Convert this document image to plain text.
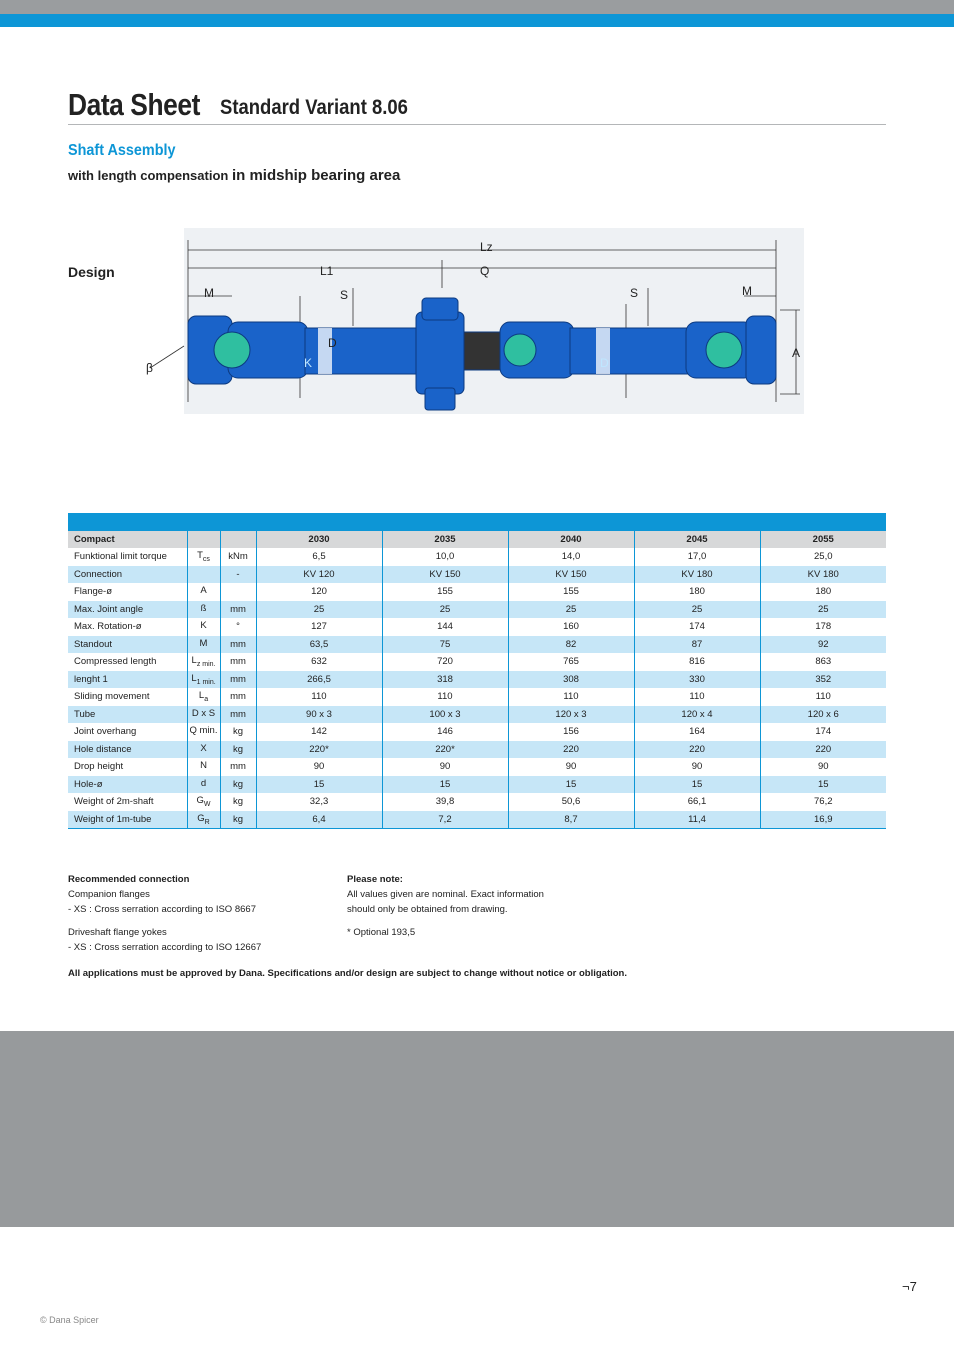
Data Sheet Standard Variant 8.06
Shaft Assembly
with length compensation in midship bearing area
Design
Lz
L1	Q
M	M
S	S
D
K	D
A
β

Compact			2030	2035	2040	2045	2055
Funktional limit torque	$T_{cs}$	kNm	6,5	10,0	14,0	17,0	25,0
Connection		-	KV 120	KV 150	KV 150	KV 180	KV 180
Flange-ø	A		120	155	155	180	180
Max. Joint angle	ß	mm	25	25	25	25	25
Max. Rotation-ø	K	°	127	144	160	174	178
Standout	M	mm	63,5	75	82	87	92
Compressed length	$L_{z min.}$	mm	632	720	765	816	863
lenght 1	$L_{1 min.}$	mm	266,5	318	308	330	352
Sliding movement	$L_a$	mm	110	110	110	110	110
Tube	D x S	mm	90 x 3	100 x 3	120 x 3	120 x 4	120 x 6
Joint overhang	Q min.	kg	142	146	156	164	174
Hole distance	X	kg	220*	220*	220	220	220
Drop height	N	mm	90	90	90	90	90
Hole-ø	d	kg	15	15	15	15	15
Weight of 2m-shaft	$G_W$	kg	32,3	39,8	50,6	66,1	76,2
Weight of 1m-tube	$G_R$	kg	6,4	7,2	8,7	11,4	16,9
Recommended connection
Companion flanges
- XS : Cross serration according to ISO 8667
Driveshaft flange yokes
- XS : Cross serration according to ISO 12667
Please note:
All values given are nominal. Exact information
should only be obtained from drawing.
* Optional 193,5
All applications must be approved by Dana. Specifications and/or design are subject to change without notice or obligation.
¬7
© Dana Spicer
